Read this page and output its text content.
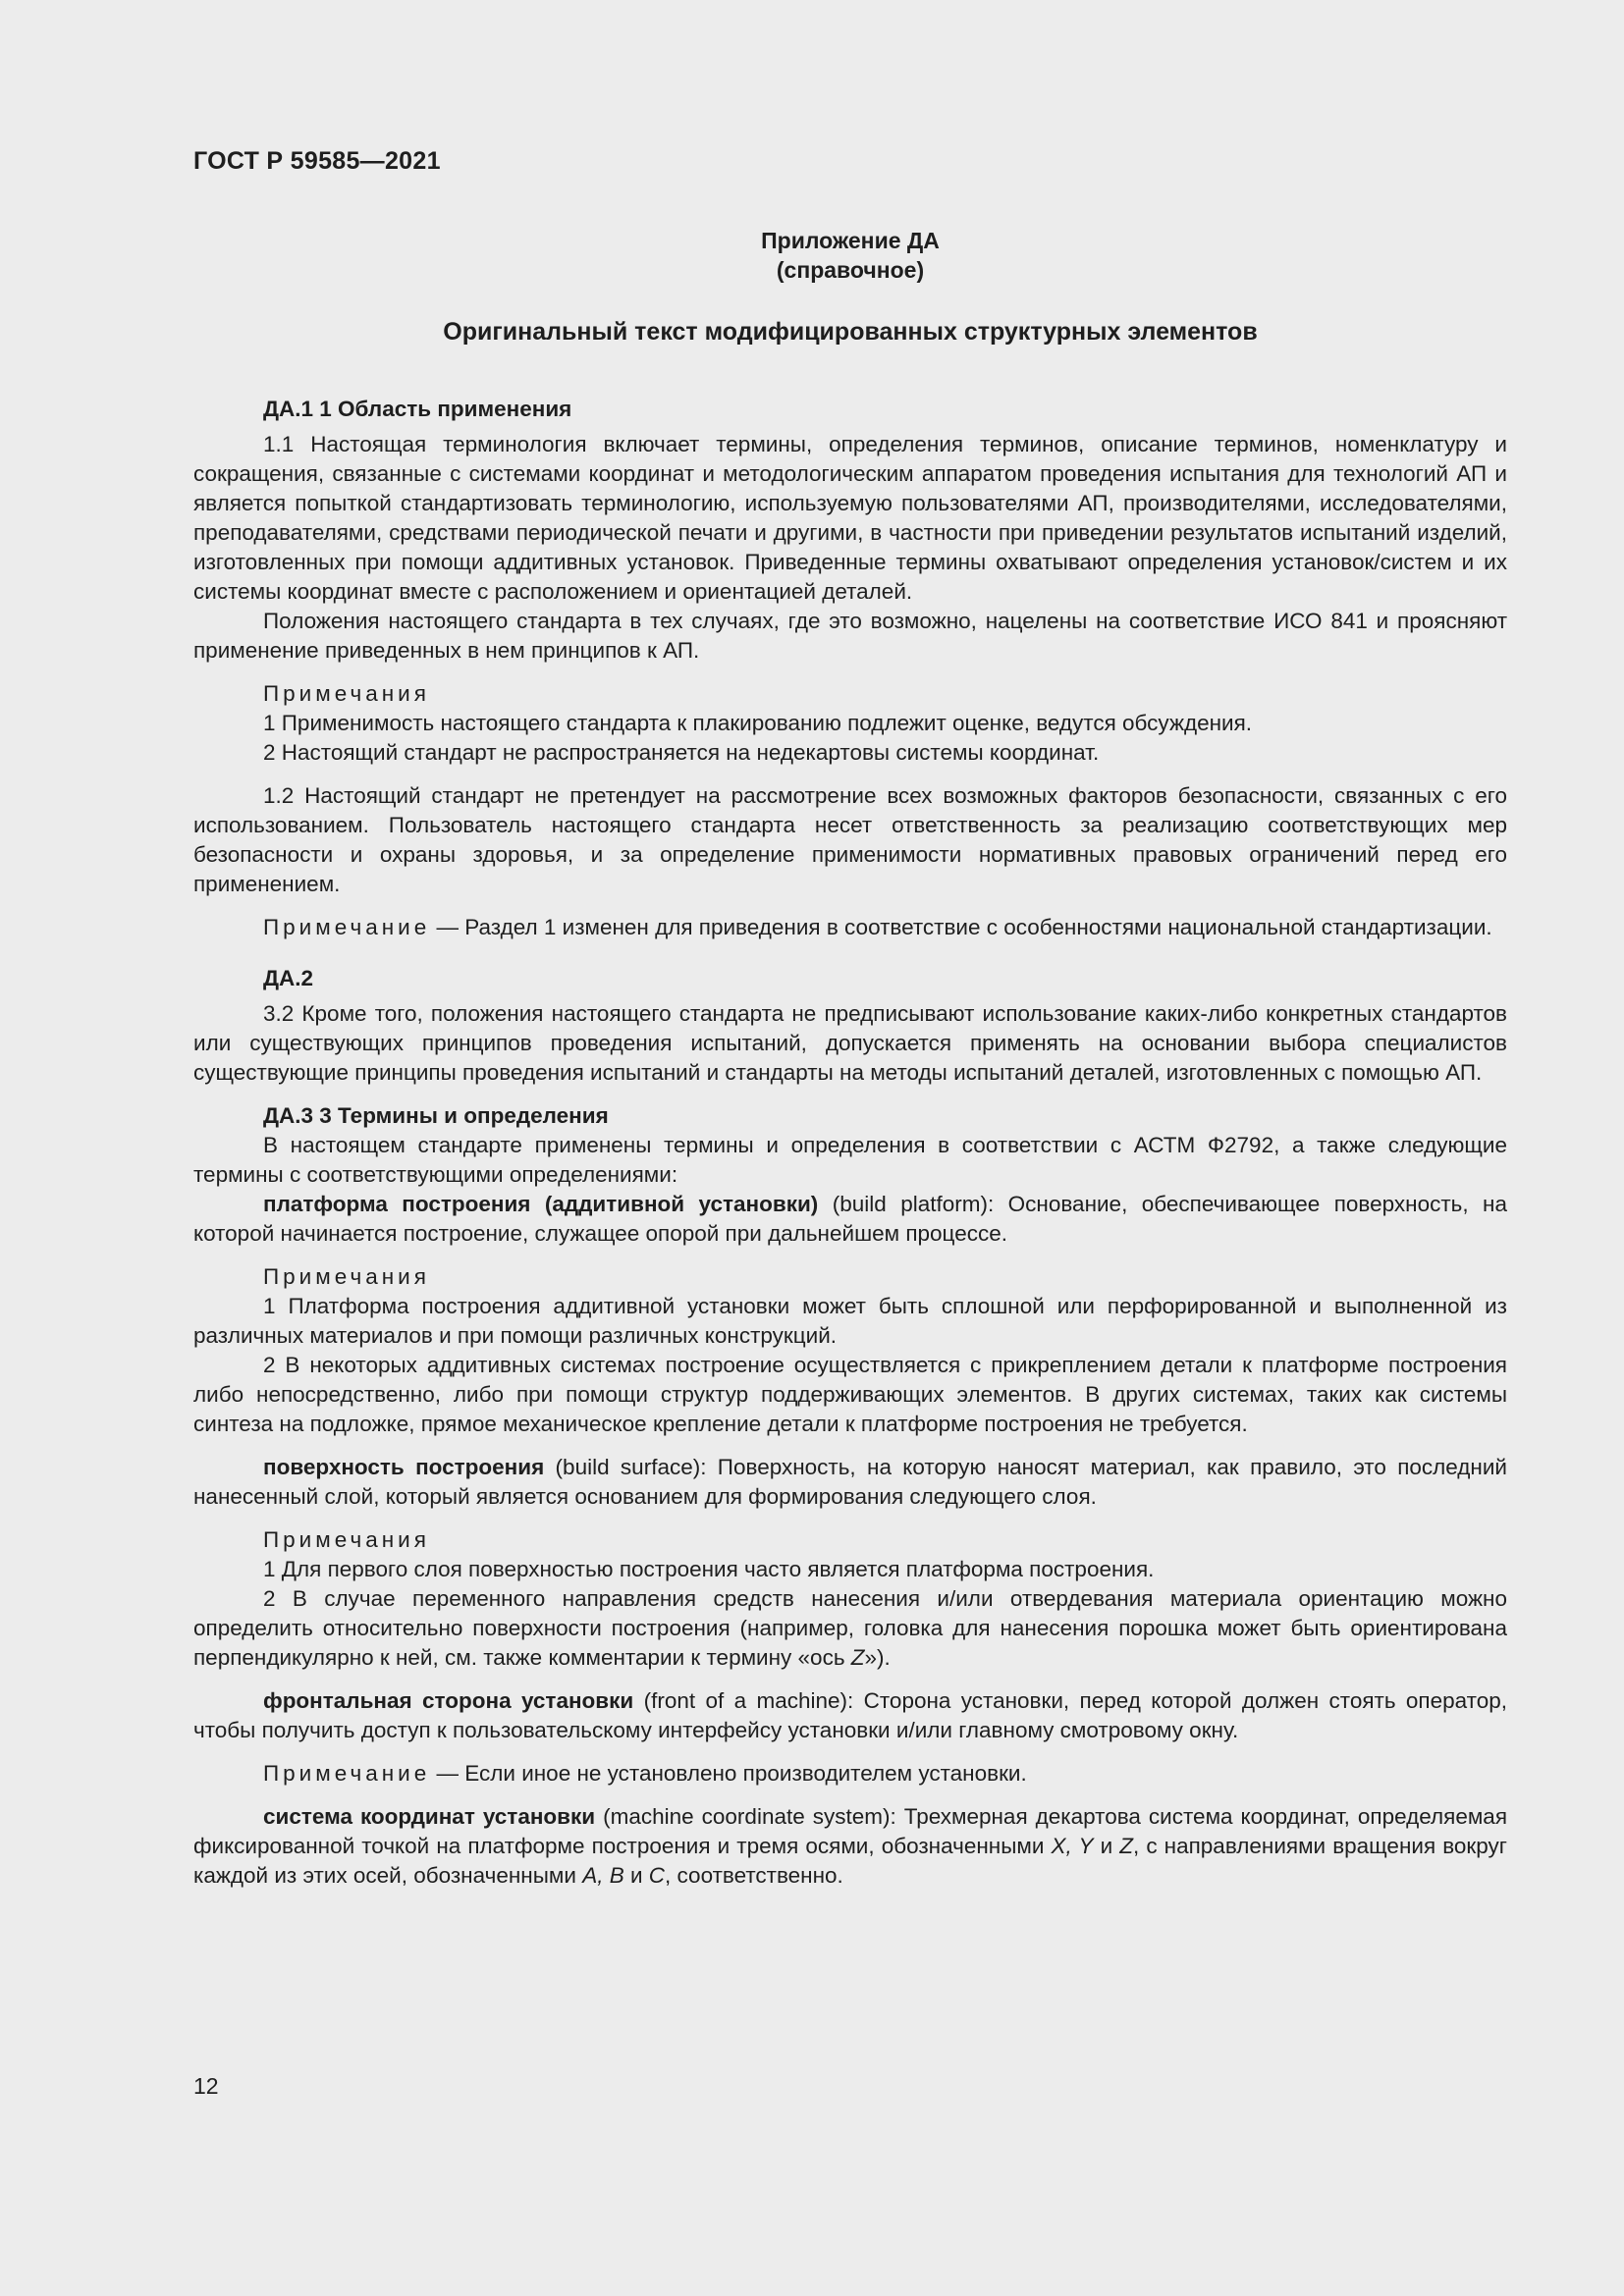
ГОСТ Р 59585—2021
Приложение ДА
(справочное)
Оригинальный текст модифицированных структурных элементов

ДА.1 1 Область применения

1.1 Настоящая терминология включает термины, определения терминов, описание терминов, номенклатуру и сокращения, связанные с системами координат и методологическим аппаратом проведения испытания для технологий АП и является попыткой стандартизовать терминологию, используемую пользователями АП, производителями, исследователями, преподавателями, средствами периодической печати и другими, в частности при приведении результатов испытаний изделий, изготовленных при помощи аддитивных установок. Приведенные термины охватывают определения установок/систем и их системы координат вместе с расположением и ориентацией деталей.

Положения настоящего стандарта в тех случаях, где это возможно, нацелены на соответствие ИСО 841 и проясняют применение приведенных в нем принципов к АП.

Примечания

1 Применимость настоящего стандарта к плакированию подлежит оценке, ведутся обсуждения.

2 Настоящий стандарт не распространяется на недекартовы системы координат.

1.2 Настоящий стандарт не претендует на рассмотрение всех возможных факторов безопасности, связанных с его использованием. Пользователь настоящего стандарта несет ответственность за реализацию соответствующих мер безопасности и охраны здоровья, и за определение применимости нормативных правовых ограничений перед его применением.

Примечание — Раздел 1 изменен для приведения в соответствие с особенностями национальной стандартизации.

ДА.2

3.2 Кроме того, положения настоящего стандарта не предписывают использование каких-либо конкретных стандартов или существующих принципов проведения испытаний, допускается применять на основании выбора специалистов существующие принципы проведения испытаний и стандарты на методы испытаний деталей, изготовленных с помощью АП.

ДА.3 3 Термины и определения

В настоящем стандарте применены термины и определения в соответствии с АСТМ Ф2792, а также следующие термины с соответствующими определениями:

платформа построения (аддитивной установки) (build platform): Основание, обеспечивающее поверхность, на которой начинается построение, служащее опорой при дальнейшем процессе.

Примечания

1 Платформа построения аддитивной установки может быть сплошной или перфорированной и выполненной из различных материалов и при помощи различных конструкций.

2 В некоторых аддитивных системах построение осуществляется с прикреплением детали к платформе построения либо непосредственно, либо при помощи структур поддерживающих элементов. В других системах, таких как системы синтеза на подложке, прямое механическое крепление детали к платформе построения не требуется.

поверхность построения (build surface): Поверхность, на которую наносят материал, как правило, это последний нанесенный слой, который является основанием для формирования следующего слоя.

Примечания

1 Для первого слоя поверхностью построения часто является платформа построения.

2 В случае переменного направления средств нанесения и/или отвердевания материала ориентацию можно определить относительно поверхности построения (например, головка для нанесения порошка может быть ориентирована перпендикулярно к ней, см. также комментарии к термину «ось Z»).

фронтальная сторона установки (front of a machine): Сторона установки, перед которой должен стоять оператор, чтобы получить доступ к пользовательскому интерфейсу установки и/или главному смотровому окну.

Примечание — Если иное не установлено производителем установки.

система координат установки (machine coordinate system): Трехмерная декартова система координат, определяемая фиксированной точкой на платформе построения и тремя осями, обозначенными X, Y и Z, с направлениями вращения вокруг каждой из этих осей, обозначенными A, B и C, соответственно.

12
